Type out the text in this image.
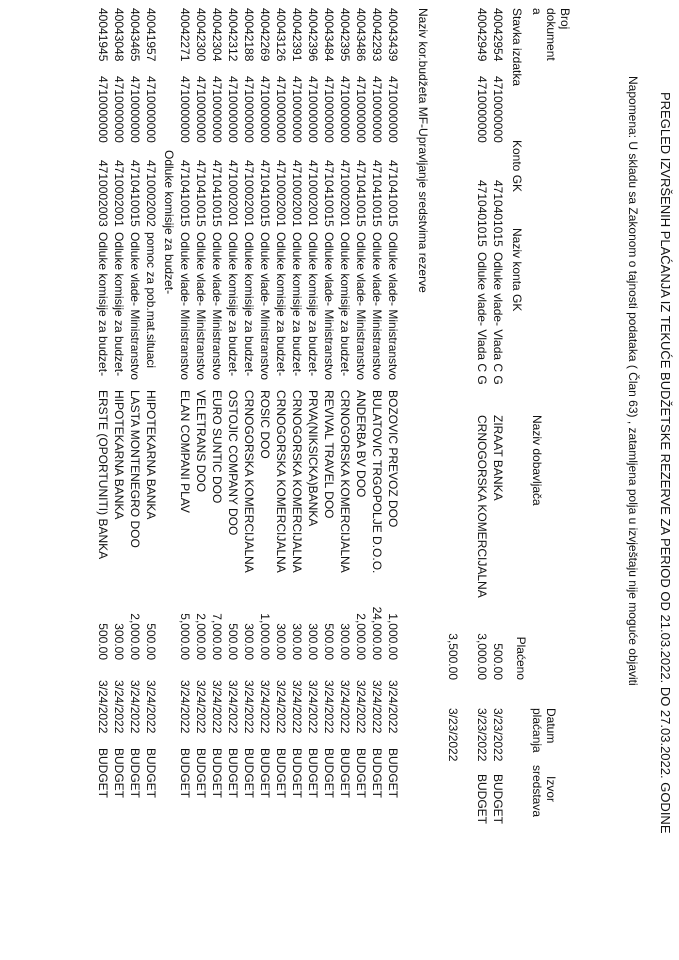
PREGLED IZVRŠENIH PLAĆANJA IZ TEKUĆE BUDŽETSKE REZERVE ZA PERIOD OD 21.03.2022. DO 27.03.2022. GODINE
Napomena: U skladu sa Zakonom o tajnosti podataka ( Član 63) , zatamljena polja u izvještaju nije moguće objaviti
Broj
dokument
a
Stavka izdatka
Konto GK
Naziv konta GK
Naziv dobavljača
Plaćeno
Datum
plaćanja
Izvor
sredstava
40042954
4710000000
4710401015
Odluke vlade- Vlada C G
ZIRAAT BANKA
500.00
3/23/2022
BUDGET
40042949
4710000000
4710401015
Odluke vlade- Vlada C G
CRNOGORSKA KOMERCIJALNA
3,000.00
3/23/2022
BUDGET
3,500.00
3/23/2022
Naziv kor.budžeta MF-Upravljanje sredstvima rezerve
40043439
4710000000
4710410015
Odluke vlade- Ministranstvo
BOZOVIC PREVOZ DOO
1,000.00
3/24/2022
BUDGET
40042293
4710000000
4710410015
Odluke vlade- Ministranstvo
BULATOVIC TRGOPOLJE D.O.O.
24,000.00
3/24/2022
BUDGET
40043486
4710000000
4710410015
Odluke vlade- Ministranstvo
ANDERBA BV DOO
2,000.00
3/24/2022
BUDGET
40042395
4710000000
4710002001
Odluke komisije za budzet-
CRNOGORSKA KOMERCIJALNA
300.00
3/24/2022
BUDGET
40043484
4710000000
4710410015
Odluke vlade- Ministranstvo
REVIVAL TRAVEL DOO
500.00
3/24/2022
BUDGET
40042396
4710000000
4710002001
Odluke komisije za budzet-
PRVA(NIKSICKA)BANKA
300.00
3/24/2022
BUDGET
40042391
4710000000
4710002001
Odluke komisije za budzet-
CRNOGORSKA KOMERCIJALNA
300.00
3/24/2022
BUDGET
40043126
4710000000
4710002001
Odluke komisije za budzet-
CRNOGORSKA KOMERCIJALNA
300.00
3/24/2022
BUDGET
40042269
4710000000
4710410015
Odluke vlade- Ministranstvo
ROSIC DOO
1,000.00
3/24/2022
BUDGET
40042188
4710000000
4710002001
Odluke komisije za budzet-
CRNOGORSKA KOMERCIJALNA
300.00
3/24/2022
BUDGET
40042312
4710000000
4710002001
Odluke komisije za budzet-
OSTOJIC COMPANY DOO
500.00
3/24/2022
BUDGET
40042304
4710000000
4710410015
Odluke vlade- Ministranstvo
EURO SUNTIC DOO
7,000.00
3/24/2022
BUDGET
40042300
4710000000
4710410015
Odluke vlade- Ministranstvo
VELETRANS DOO
2,000.00
3/24/2022
BUDGET
40042271
4710000000
4710410015
Odluke vlade- Ministranstvo
ELAN COMPANI PLAV
5,000.00
3/24/2022
BUDGET
Odluke komisije za budzet-
40041957
4710000000
4710002002
pomoc za pob.mat.situaci
HIPOTEKARNA BANKA
500.00
3/24/2022
BUDGET
40043465
4710000000
4710410015
Odluke vlade- Ministranstvo
LASTA MONTENEGRO DOO
2,000.00
3/24/2022
BUDGET
40043048
4710000000
4710002001
Odluke komisije za budzet-
HIPOTEKARNA BANKA
300.00
3/24/2022
BUDGET
40041945
4710000000
4710002003
Odluke komisije za budzet-
ERSTE (OPORTUNITI) BANKA
500.00
3/24/2022
BUDGET
